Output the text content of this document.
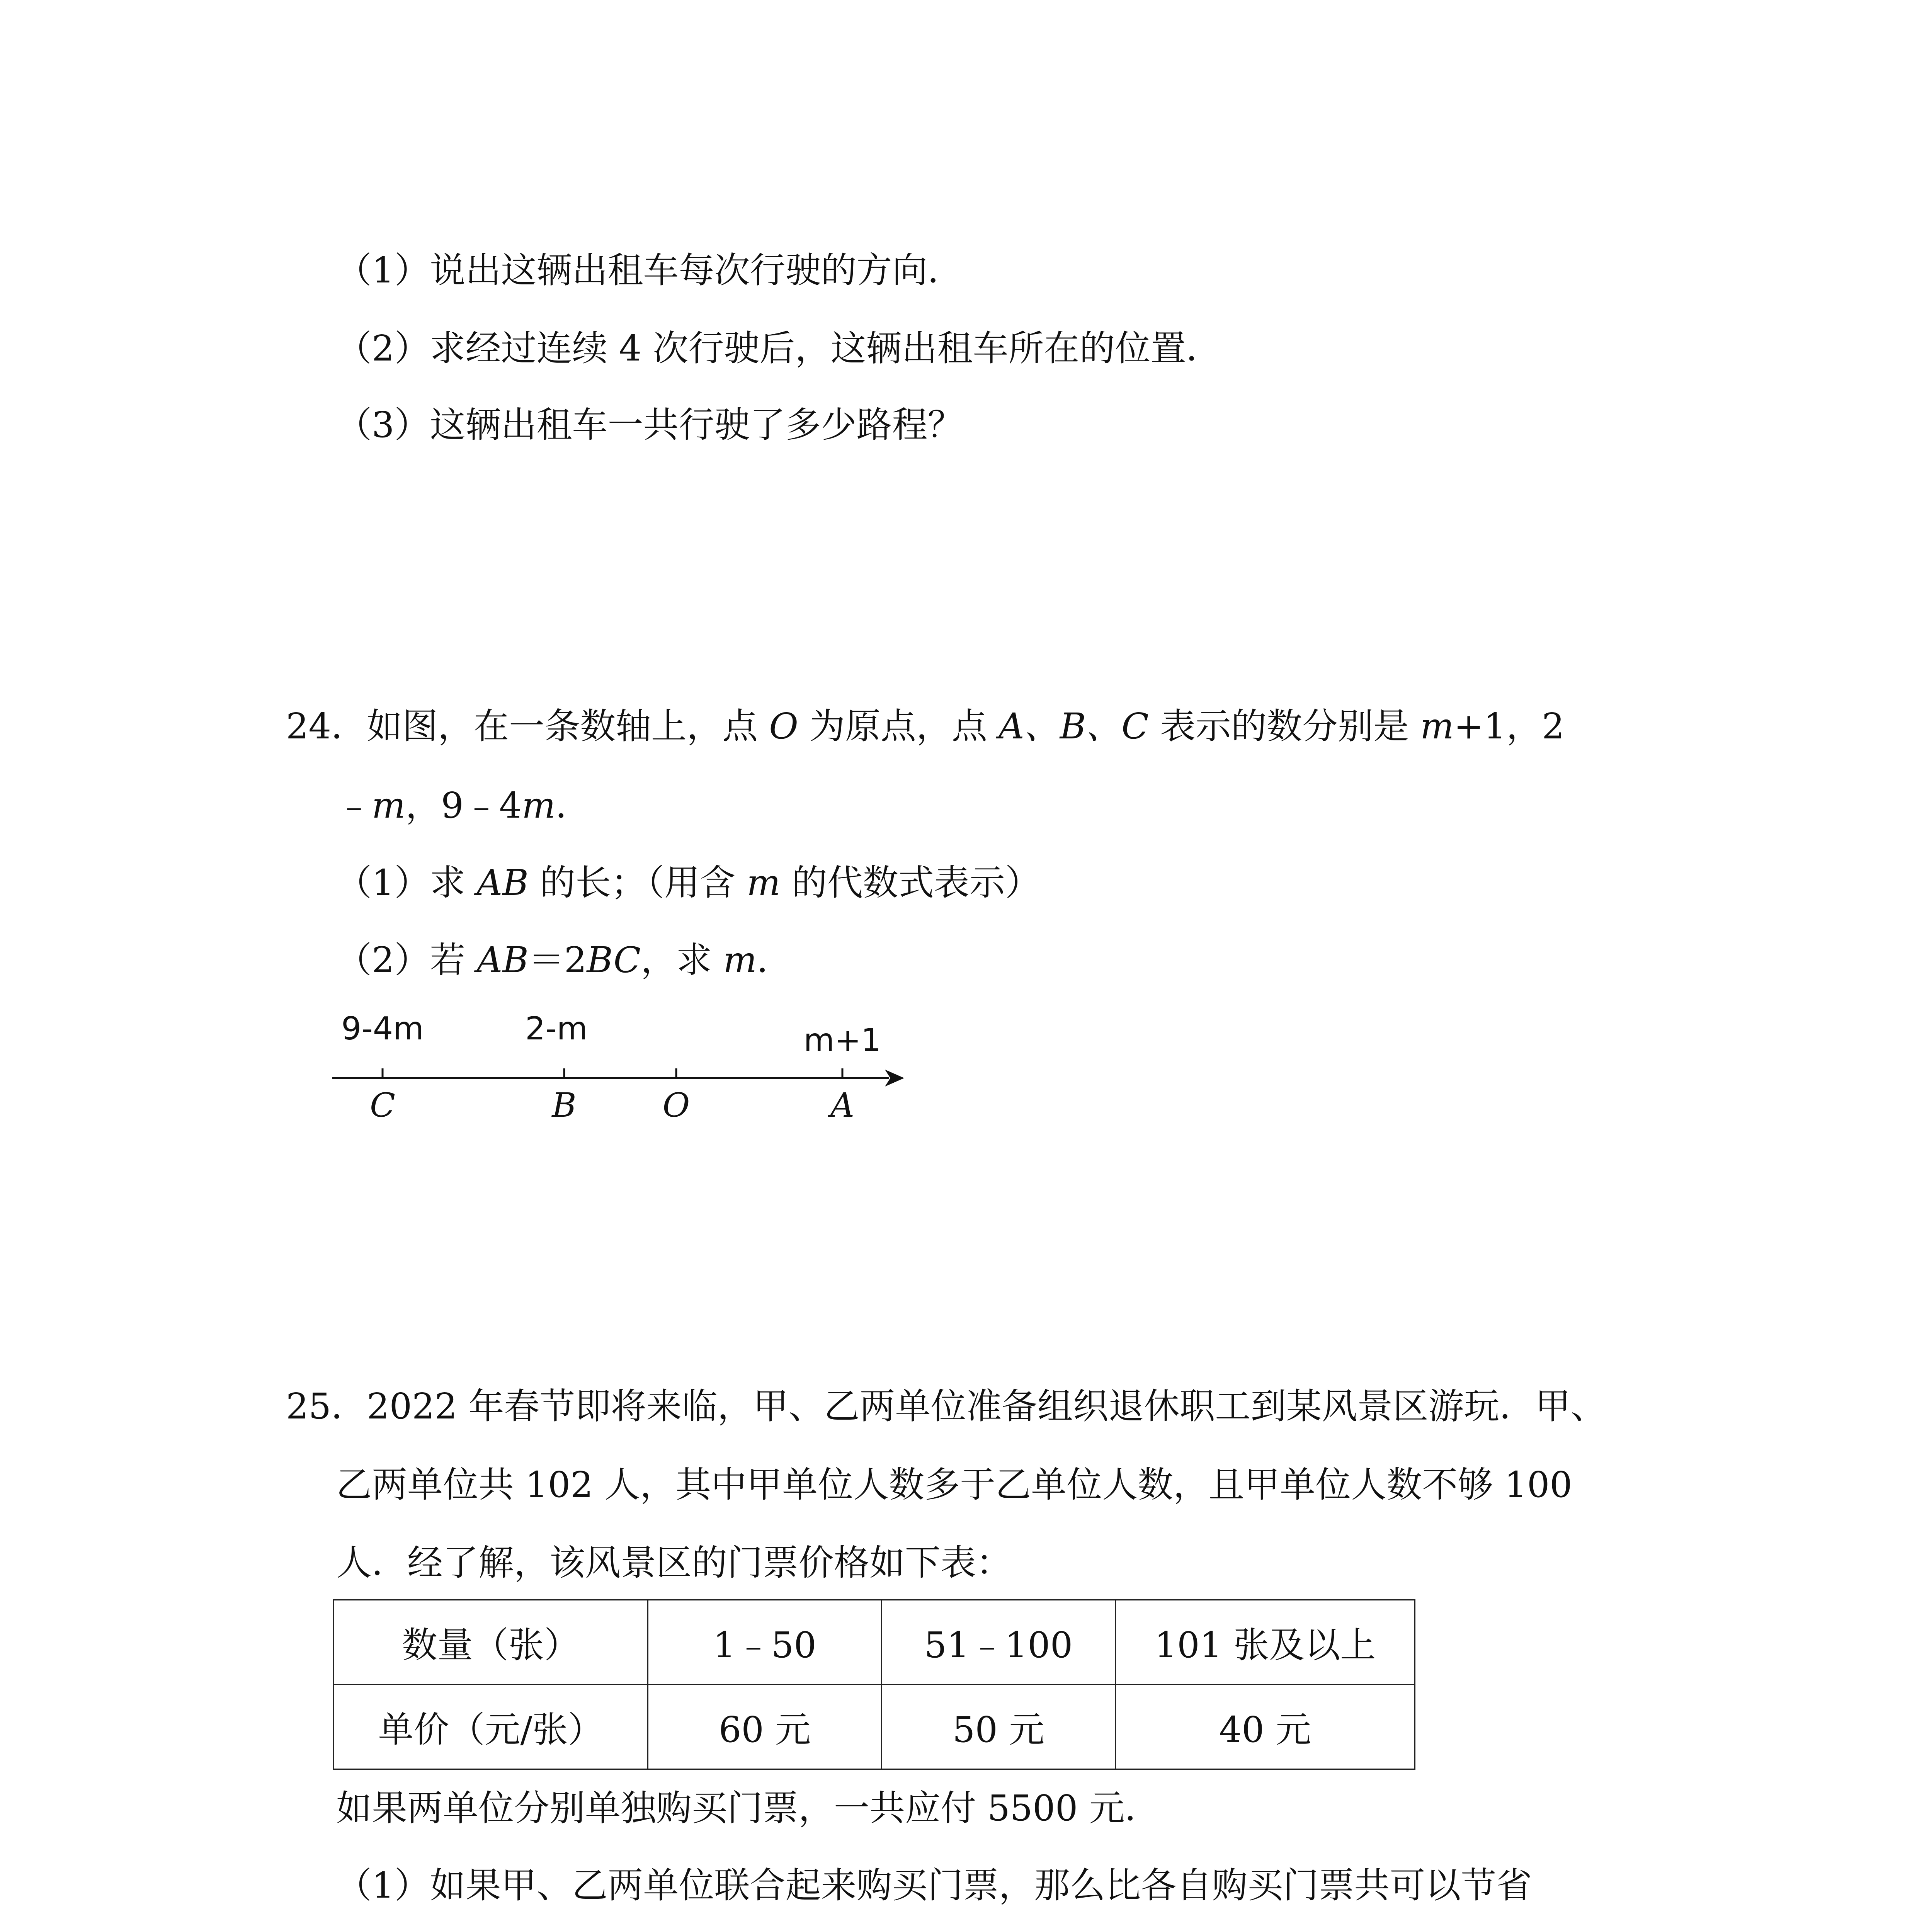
（1）说出这辆出租车每次行驶的方向．
（2）求经过连续 4 次行驶后，这辆出租车所在的位置．
（3）这辆出租车一共行驶了多少路程？
24．如图，在一条数轴上，点 O 为原点，点 A、B、C 表示的数分别是 m+1，2
﹣m，9﹣4m．
（1）求 AB 的长；（用含 m 的代数式表示）
（2）若 AB＝2BC，求 m．
9-4m	2-m	m+1
C	B	O	A
25．2022 年春节即将来临，甲、乙两单位准备组织退休职工到某风景区游玩．甲、
乙两单位共 102 人，其中甲单位人数多于乙单位人数，且甲单位人数不够 100
人．经了解，该风景区的门票价格如下表：
数量（张）	1﹣50	51﹣100	101 张及以上
单价（元/张）	60 元	50 元	40 元
如果两单位分别单独购买门票，一共应付 5500 元．
（1）如果甲、乙两单位联合起来购买门票，那么比各自购买门票共可以节省
